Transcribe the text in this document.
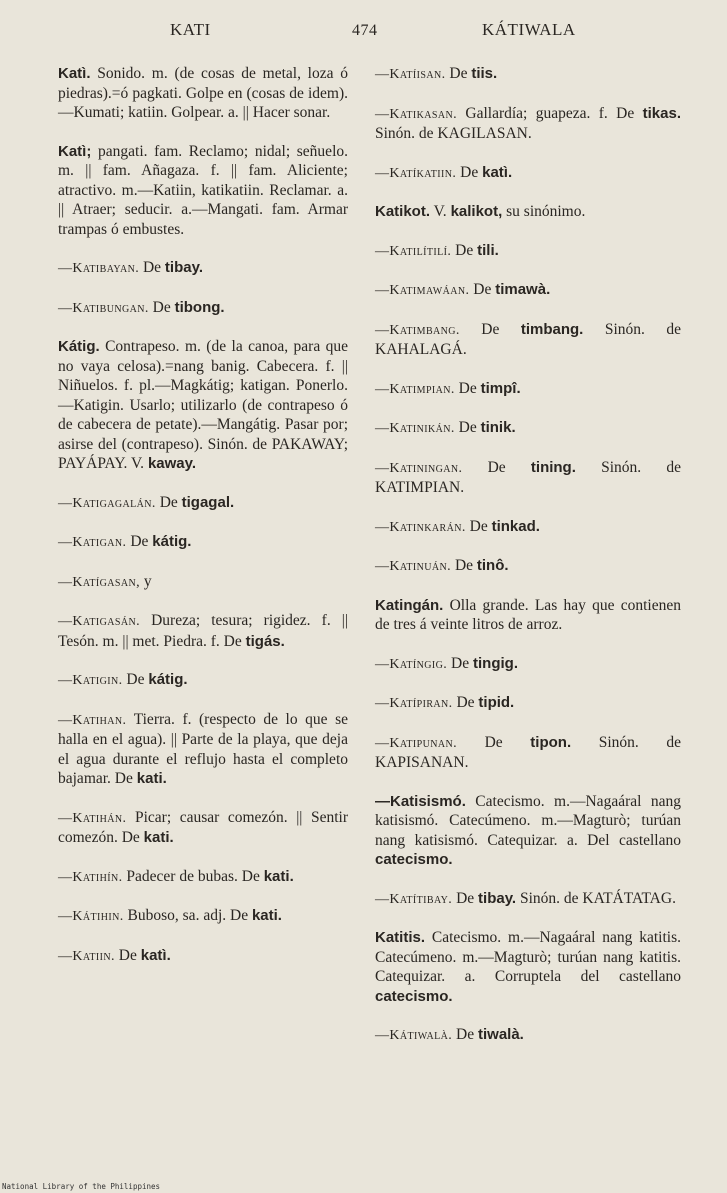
KATI	474	KÁTIWALA
Katì. Sonido. m. (de cosas de metal, loza ó piedras).=ó pagkati. Golpe en (cosas de idem).—Kumati; katiin. Golpear. a. || Hacer sonar.
Katì; pangati. fam. Reclamo; nidal; señuelo. m. || fam. Añagaza. f. || fam. Aliciente; atractivo. m.—Katiin, katikatiin. Reclamar. a. || Atraer; seducir. a.—Mangati. fam. Armar trampas ó embustes.
—Katibayan. De tibay.
—Katibungan. De tibong.
Kátig. Contrapeso. m. (de la canoa, para que no vaya celosa).=nang banig. Cabecera. f. || Niñuelos. f. pl.—Magkátig; katigan. Ponerlo. —Katigin. Usarlo; utilizarlo (de contrapeso ó de cabecera de petate).—Mangátig. Pasar por; asirse del (contrapeso). Sinón. de PAKAWAY; PAYÁPAY. V. kaway.
—Katigagalán. De tigagal.
—Katigan. De kátig.
—Katígasan, y
—Katigasán. Dureza; tesura; rigidez. f. || Tesón. m. || met. Piedra. f. De tigás.
—Katigin. De kátig.
—Katihan. Tierra. f. (respecto de lo que se halla en el agua). || Parte de la playa, que deja el agua durante el reflujo hasta el completo bajamar. De kati.
—Katihán. Picar; causar comezón. || Sentir comezón. De kati.
—Katihín. Padecer de bubas. De kati.
—Kátihin. Buboso, sa. adj. De kati.
—Katiin. De katì.
—Katíisan. De tiis.
—Katikasan. Gallardía; guapeza. f. De tikas. Sinón. de KAGILASAN.
—Katíkatiin. De katì.
Katikot. V. kalikot, su sinónimo.
—Katilítilí. De tili.
—Katimawáan. De timawà.
—Katimbang. De timbang. Sinón. de KAHALAGÁ.
—Katimpian. De timpî.
—Katinikán. De tinik.
—Katiningan. De tining. Sinón. de KATIMPIAN.
—Katinkarán. De tinkad.
—Katinuán. De tinô.
Katingán. Olla grande. Las hay que contienen de tres á veinte litros de arroz.
—Katíngig. De tingig.
—Katípiran. De tipid.
—Katipunan. De tipon. Sinón. de KAPISANAN.
—Katisismó. Catecismo. m.—Nagaáral nang katisismó. Catecúmeno. m.—Magturò; turúan nang katisismó. Catequizar. a. Del castellano catecismo.
—Katítibay. De tibay. Sinón. de KATÁTATAG.
Katitis. Catecismo. m.—Nagaáral nang katitis. Catecúmeno. m.—Magturò; turúan nang katitis. Catequizar. a. Corruptela del castellano catecismo.
—Kátiwalà. De tiwalà.
National Library of the Philippines
